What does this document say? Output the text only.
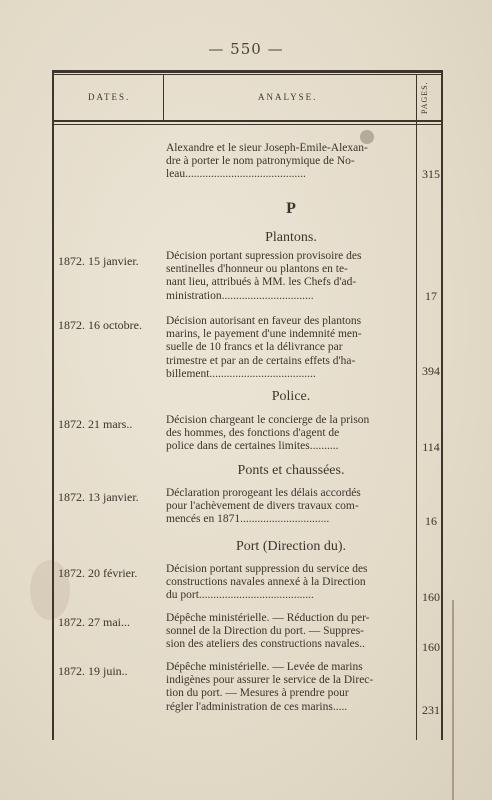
— 550 —
DATES.	ANALYSE.	PAGES.
Alexandre et le sieur Joseph-Émile-Alexan-
dre à porter le nom patronymique de No-
leau..........................................	315
P
Plantons.
1872. 15 janvier.	Décision portant supression provisoire des
sentinelles d'honneur ou plantons en te-
nant lieu, attribués à MM. les Chefs d'ad-
ministration................................	17
1872. 16 octobre.	Décision autorisant en faveur des plantons
marins, le payement d'une indemnité men-
suelle de 10 francs et la délivrance par
trimestre et par an de certains effets d'ha-
billement.....................................	394
Police.
1872. 21 mars..	Décision chargeant le concierge de la prison
des hommes, des fonctions d'agent de
police dans de certaines limites..........	114
Ponts et chaussées.
1872. 13 janvier.	Déclaration prorogeant les délais accordés
pour l'achèvement de divers travaux com-
mencés en 1871...............................	16
Port (Direction du).
1872. 20 février.	Décision portant suppression du service des
constructions navales annexé à la Direction
du port........................................	160
1872. 27 mai...	Dépêche ministérielle. — Réduction du per-
sonnel de la Direction du port. — Suppres-
sion des ateliers des constructions navales..	160
1872. 19 juin..	Dépêche ministérielle. — Levée de marins
indigènes pour assurer le service de la Direc-
tion du port. — Mesures à prendre pour
régler l'administration de ces marins.....	231
